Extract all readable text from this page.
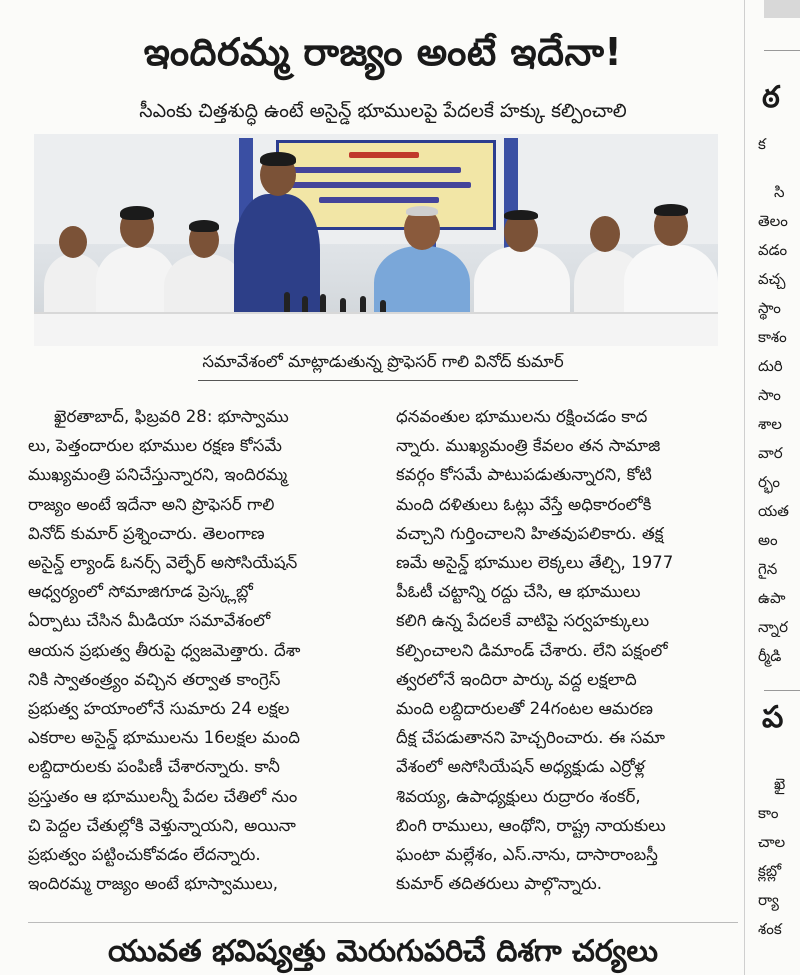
ఇందిరమ్మ రాజ్యం అంటే ఇదేనా!
సీఎంకు చిత్తశుద్ధి ఉంటే అసైన్డ్ భూములపై పేదలకే హక్కు కల్పించాలి
సమావేశంలో మాట్లాడుతున్న ప్రొఫెసర్ గాలి వినోద్ కుమార్
ఖైరతాబాద్, ఫిబ్రవరి 28: భూస్వాము
లు, పెత్తందారుల భూముల రక్షణ కోసమే
ముఖ్యమంత్రి పనిచేస్తున్నారని, ఇందిరమ్మ
రాజ్యం అంటే ఇదేనా అని ప్రొఫెసర్ గాలి
వినోద్ కుమార్ ప్రశ్నించారు. తెలంగాణ
అసైన్డ్ ల్యాండ్ ఓనర్స్ వెల్ఫేర్ అసోసియేషన్
ఆధ్వర్యంలో సోమాజిగూడ ప్రెస్క్లబ్లో
ఏర్పాటు చేసిన మీడియా సమావేశంలో
ఆయన ప్రభుత్వ తీరుపై ధ్వజమెత్తారు. దేశా
నికి స్వాతంత్ర్యం వచ్చిన తర్వాత కాంగ్రెస్
ప్రభుత్వ హయాంలోనే సుమారు 24 లక్షల
ఎకరాల అసైన్డ్ భూములను 16లక్షల మంది
లబ్దిదారులకు పంపిణీ చేశారన్నారు. కానీ
ప్రస్తుతం ఆ భూములన్నీ పేదల చేతిలో నుం
చి పెద్దల చేతుల్లోకి వెళ్తున్నాయని, అయినా
ప్రభుత్వం పట్టించుకోవడం లేదన్నారు.
ఇందిరమ్మ రాజ్యం అంటే భూస్వాములు,
ధనవంతుల భూములను రక్షించడం కాద
న్నారు. ముఖ్యమంత్రి కేవలం తన సామాజి
కవర్గం కోసమే పాటుపడుతున్నారని, కోటి
మంది దళితులు ఓట్లు వేస్తే అధికారంలోకి
వచ్చాని గుర్తించాలని హితవుపలికారు. తక్ష
ణమే అసైన్డ్ భూముల లెక్కలు తేల్చి, 1977
పీఓటీ చట్టాన్ని రద్దు చేసి, ఆ భూములు
కలిగి ఉన్న పేదలకే వాటిపై సర్వహక్కులు
కల్పించాలని డిమాండ్ చేశారు. లేని పక్షంలో
త్వరలోనే ఇందిరా పార్కు వద్ద లక్షలాది
మంది లబ్దిదారులతో 24గంటల ఆమరణ
దీక్ష చేపడుతానని హెచ్చరించారు. ఈ సమా
వేశంలో అసోసియేషన్ అధ్యక్షుడు ఎర్రోళ్ల
శివయ్య, ఉపాధ్యక్షులు రుద్రారం శంకర్,
బింగి రాములు, ఆంథోని, రాష్ట్ర నాయకులు
ఘంటా మల్లేశం, ఎస్.నాను, దాసారాంబస్తీ
కుమార్ తదితరులు పాల్గొన్నారు.
యువత భవిష్యత్తు మెరుగుపరిచే దిశగా చర్యలు
ఠ
క
సి
తెలం
వడం
వచ్చ
స్థాం
కాశం
దురి
సాం
శాల
వార
ర్భం
యత
అం
గైన
ఉపా
న్నార
ర్మీడి
ప
ఖై
కాం
చాల
క్లబ్లో
ర్యా
శంక
